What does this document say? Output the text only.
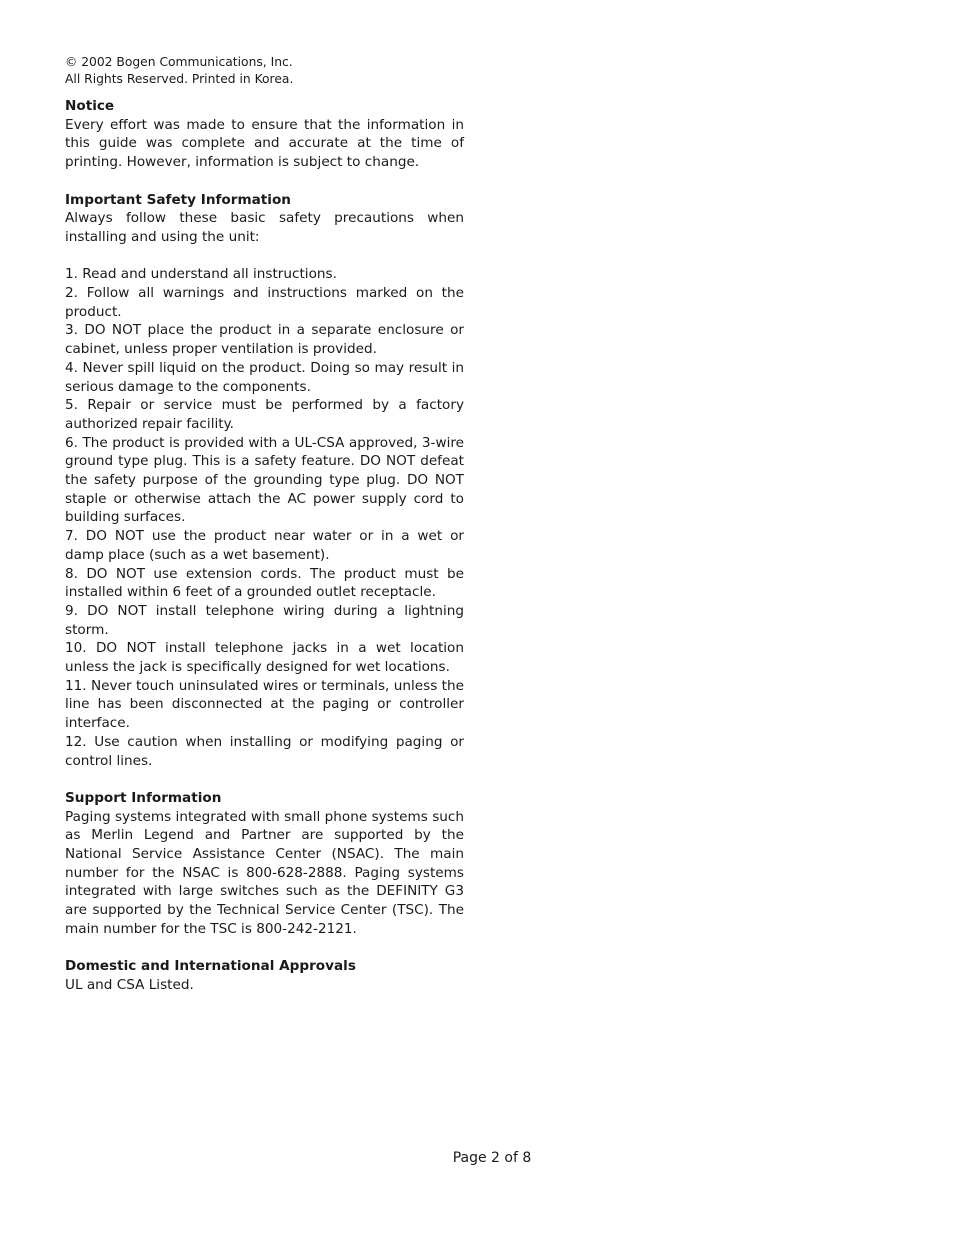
© 2002 Bogen Communications, Inc.
All Rights Reserved. Printed in Korea.
Notice

Every effort was made to ensure that the information in this guide was complete and accurate at the time of printing. However, information is subject to change.

Important Safety Information

Always follow these basic safety precautions when installing and using the unit:

1. Read and understand all instructions.

2. Follow all warnings and instructions marked on the product.

3. DO NOT place the product in a separate enclosure or cabinet, unless proper ventilation is provided.

4. Never spill liquid on the product. Doing so may result in serious damage to the components.

5. Repair or service must be performed by a factory authorized repair facility.

6. The product is provided with a UL-CSA approved, 3-wire ground type plug. This is a safety feature. DO NOT defeat the safety purpose of the grounding type plug. DO NOT staple or otherwise attach the AC power supply cord to building surfaces.

7. DO NOT use the product near water or in a wet or damp place (such as a wet basement).

8. DO NOT use extension cords. The product must be installed within 6 feet of a grounded outlet receptacle.

9. DO NOT install telephone wiring during a lightning storm.

10. DO NOT install telephone jacks in a wet location unless the jack is specifically designed for wet locations.

11. Never touch uninsulated wires or terminals, unless the line has been disconnected at the paging or controller interface.

12. Use caution when installing or modifying paging or control lines.

Support Information

Paging systems integrated with small phone systems such as Merlin Legend and Partner are supported by the National Service Assistance Center (NSAC). The main number for the NSAC is 800-628-2888. Paging systems integrated with large switches such as the DEFINITY G3 are supported by the Technical Service Center (TSC). The main number for the TSC is 800-242-2121.

Domestic and International Approvals

UL and CSA Listed.

Page 2 of 8
